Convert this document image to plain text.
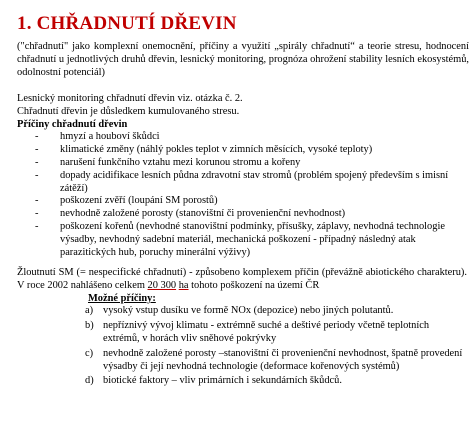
1. CHŘADNUTÍ DŘEVIN

("chřadnutí" jako komplexní onemocnění, příčiny a využití „spirály chřadnutí“ a teorie stresu, hodnocení chřadnutí u jednotlivých druhů dřevin, lesnický monitoring, prognóza ohrožení stability lesních ekosystémů, odolnostní potenciál)

Lesnický monitoring chřadnutí dřevin viz. otázka č. 2.

Chřadnutí dřevin je důsledkem kumulovaného stresu.

Příčiny chřadnutí dřevin

- hmyzí a houboví škůdci
- klimatické změny (náhlý pokles teplot v zimních měsících, vysoké teploty)
- narušení funkčního vztahu mezi korunou stromu a kořeny
- dopady acidifikace lesních půdna zdravotní stav stromů (problém spojený především s imisní zátěží)
- poškození zvěří (loupání SM porostů)
- nevhodně založené porosty (stanovištní či provenienční nevhodnost)
- poškození kořenů (nevhodné stanovištní podmínky, přísušky, záplavy, nevhodná technologie výsadby, nevhodný sadební materiál, mechanická poškození - případný následný atak parazitických hub, poruchy minerální výživy)

Žloutnutí SM (= nespecifické chřadnutí) - způsobeno komplexem příčin (převážně abiotického charakteru). V roce 2002 nahlášeno celkem 20 300 ha tohoto poškození na území ČR

Možné příčiny:
a) vysoký vstup dusíku ve formě NOx (depozice) nebo jiných polutantů.
b) nepříznivý vývoj klimatu - extrémně suché a deštivé periody včetně teplotních extrémů, v horách vliv sněhové pokrývky
c) nevhodně založené porosty –stanovištní či provenienční nevhodnost, špatně provedení výsadby či její nevhodná technologie (deformace kořenových systémů)
d) biotické faktory – vliv primárních i sekundárních škůdců.
